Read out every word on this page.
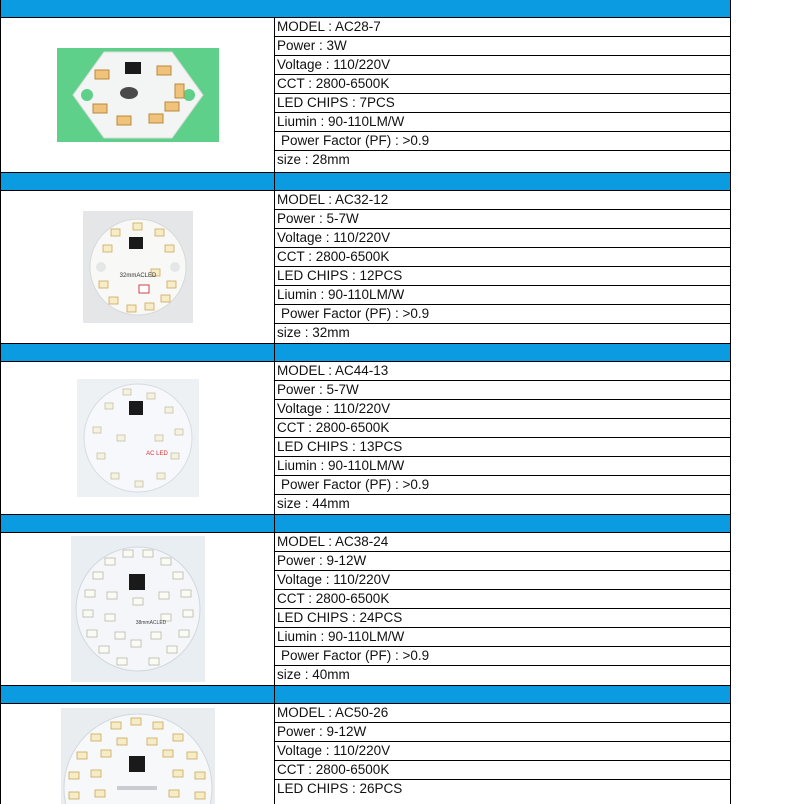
MODEL : AC28-7
Power : 3W
Voltage : 110/220V
CCT : 2800-6500K
LED CHIPS : 7PCS
Liumin : 90-110LM/W
Power Factor (PF) : >0.9
size : 28mm
32mmACLED
MODEL : AC32-12
Power : 5-7W
Voltage : 110/220V
CCT : 2800-6500K
LED CHIPS : 12PCS
Liumin : 90-110LM/W
Power Factor (PF) : >0.9
size : 32mm
AC LED
MODEL : AC44-13
Power : 5-7W
Voltage : 110/220V
CCT : 2800-6500K
LED CHIPS : 13PCS
Liumin : 90-110LM/W
Power Factor (PF) : >0.9
size : 44mm
38mmACLED
MODEL : AC38-24
Power : 9-12W
Voltage : 110/220V
CCT : 2800-6500K
LED CHIPS : 24PCS
Liumin : 90-110LM/W
Power Factor (PF) : >0.9
size : 40mm
MODEL : AC50-26
Power : 9-12W
Voltage : 110/220V
CCT : 2800-6500K
LED CHIPS : 26PCS
